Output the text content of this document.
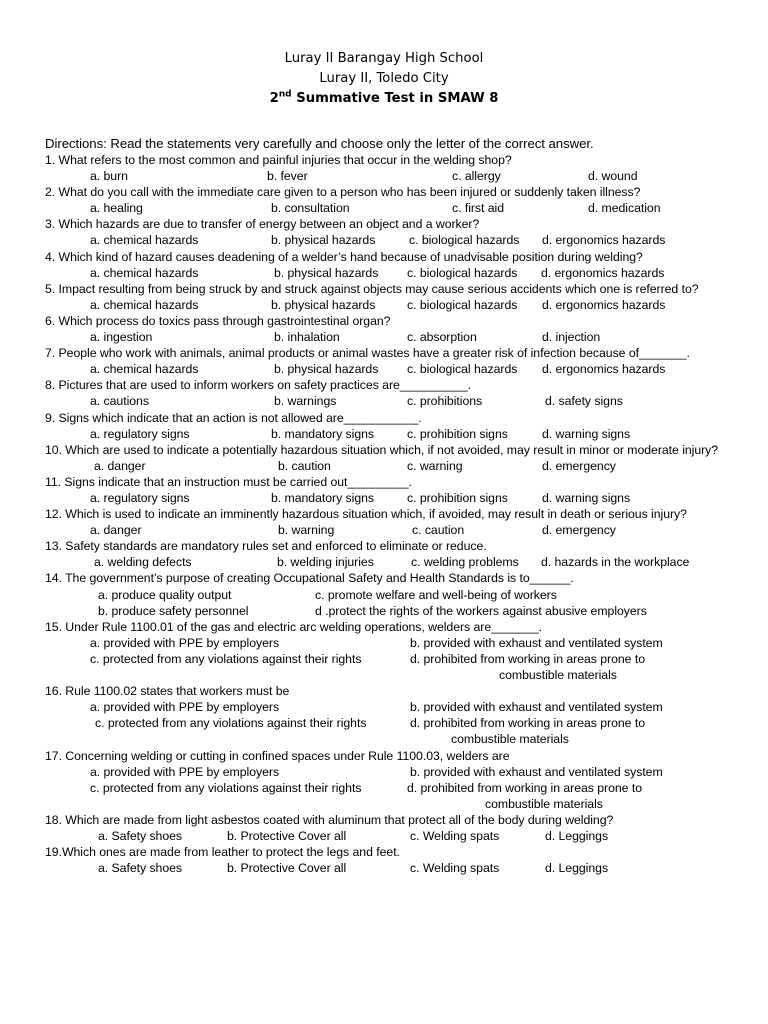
Luray II Barangay High School
Luray II, Toledo City
2nd Summative Test in SMAW 8
Directions: Read the statements very carefully and choose only the letter of the correct answer.
1. What refers to the most common and painful injuries that occur in the welding shop?
a. burn	b. fever	c. allergy	d. wound
2. What do you call with the immediate care given to a person who has been injured or suddenly taken illness?
a. healing	b. consultation	c. first aid	d. medication
3. Which hazards are due to transfer of energy between an object and a worker?
a. chemical hazards	b. physical hazards	c. biological hazards d. ergonomics hazards
4. Which kind of hazard causes deadening of a welder’s hand because of unadvisable position during welding?
a. chemical hazards	b. physical hazards c. biological hazards d. ergonomics hazards
5. Impact resulting from being struck by and struck against objects may cause serious accidents which one is referred to?
a. chemical hazards	b. physical hazards	c. biological hazards d. ergonomics hazards
6. Which process do toxics pass through gastrointestinal organ?
a. ingestion	b. inhalation	c. absorption	d. injection
7. People who work with animals, animal products or animal wastes have a greater risk of infection because of_______.
a. chemical hazards	b. physical hazards c. biological hazards d. ergonomics hazards
8. Pictures that are used to inform workers on safety practices are__________.
a. cautions	b. warnings	c. prohibitions	d. safety signs
9. Signs which indicate that an action is not allowed are___________.
a. regulatory signs	b. mandatory signs	c. prohibition signs	d. warning signs
10. Which are used to indicate a potentially hazardous situation which, if not avoided, may result in minor or moderate injury?
a. danger	b. caution	c. warning	d. emergency
11. Signs indicate that an instruction must be carried out_________.
a. regulatory signs	b. mandatory signs	c. prohibition signs	d. warning signs
12. Which is used to indicate an imminently hazardous situation which, if avoided, may result in death or serious injury?
a. danger	b. warning	c. caution	d. emergency
13. Safety standards are mandatory rules set and enforced to eliminate or reduce.
a. welding defects	b. welding injuries	c. welding problems d. hazards in the workplace
14. The government’s purpose of creating Occupational Safety and Health Standards is to______.
a. produce quality output	c. promote welfare and well-being of workers
b. produce safety personnel	d .protect the rights of the workers against abusive employers
15. Under Rule 1100.01 of the gas and electric arc welding operations, welders are_______.
a. provided with PPE by employers	b. provided with exhaust and ventilated system
c. protected from any violations against their rights	d. prohibited from working in areas prone to
combustible materials
16. Rule 1100.02 states that workers must be
a. provided with PPE by employers	b. provided with exhaust and ventilated system
c. protected from any violations against their rights	d. prohibited from working in areas prone to
combustible materials
17. Concerning welding or cutting in confined spaces under Rule 1100.03, welders are
a. provided with PPE by employers	b. provided with exhaust and ventilated system
c. protected from any violations against their rights	d. prohibited from working in areas prone to
combustible materials
18. Which are made from light asbestos coated with aluminum that protect all of the body during welding?
a. Safety shoes	b. Protective Cover all	c. Welding spats	d. Leggings
19.Which ones are made from leather to protect the legs and feet.
a. Safety shoes	b. Protective Cover all	c. Welding spats	d. Leggings
